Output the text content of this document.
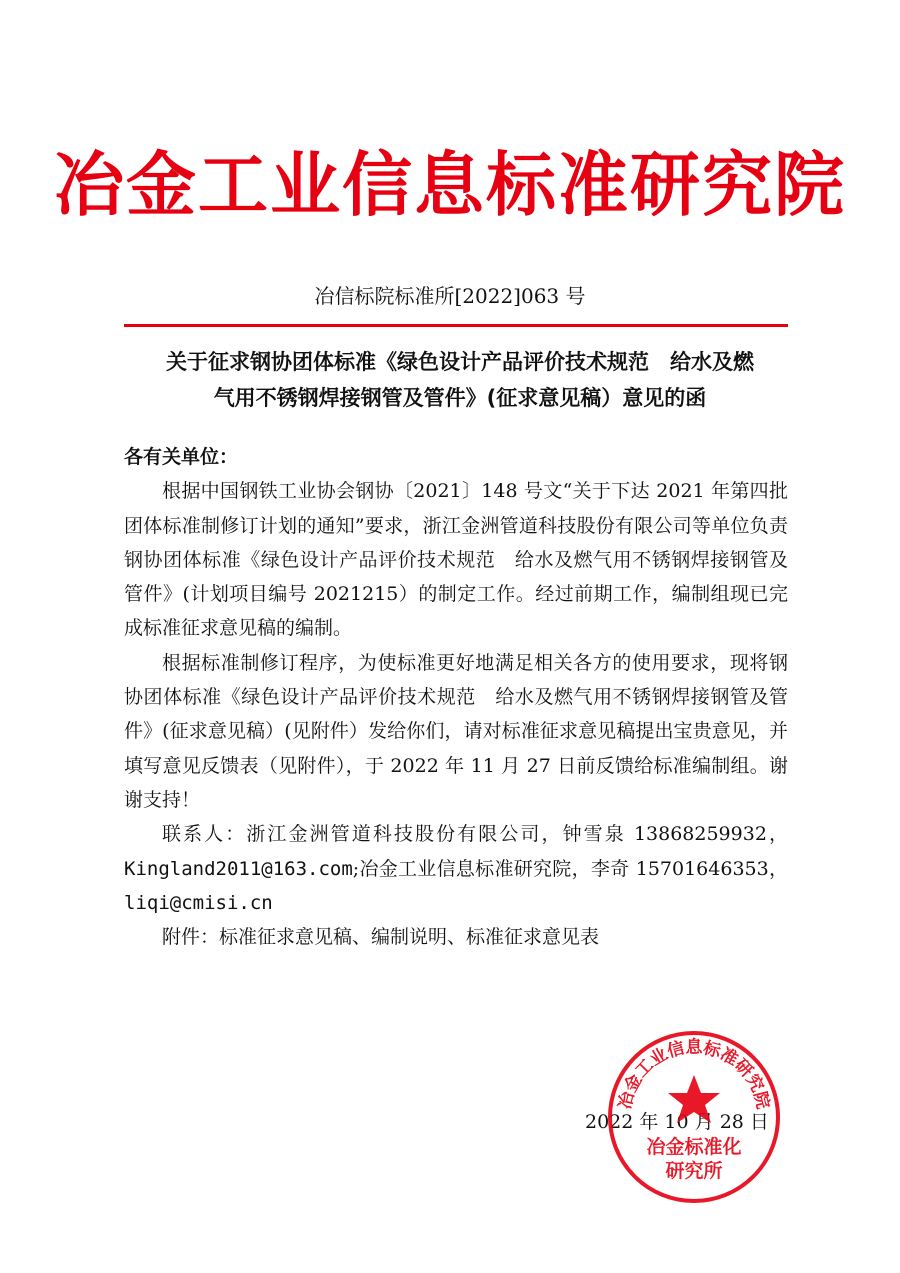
冶金工业信息标准研究院
冶信标院标准所[2022]063 号
关于征求钢协团体标准《绿色设计产品评价技术规范　给水及燃
气用不锈钢焊接钢管及管件》(征求意见稿）意见的函

各有关单位：

根据中国钢铁工业协会钢协〔2021〕148 号文“关于下达 2021 年第四批团体标准制修订计划的通知”要求，浙江金洲管道科技股份有限公司等单位负责钢协团体标准《绿色设计产品评价技术规范　给水及燃气用不锈钢焊接钢管及管件》(计划项目编号 2021215）的制定工作。经过前期工作，编制组现已完成标准征求意见稿的编制。

根据标准制修订程序，为使标准更好地满足相关各方的使用要求，现将钢协团体标准《绿色设计产品评价技术规范　给水及燃气用不锈钢焊接钢管及管件》(征求意见稿）(见附件）发给你们，请对标准征求意见稿提出宝贵意见，并填写意见反馈表（见附件），于 2022 年 11 月 27 日前反馈给标准编制组。谢谢支持！

联系人：浙江金洲管道科技股份有限公司，钟雪泉 13868259932，Kingland2011@163.com;冶金工业信息标准研究院，李奇 15701646353，liqi@cmisi.cn

附件：标准征求意见稿、编制说明、标准征求意见表

2022 年 10 月 28 日
冶金工业信息标准研究院
冶金标准化
研究所
